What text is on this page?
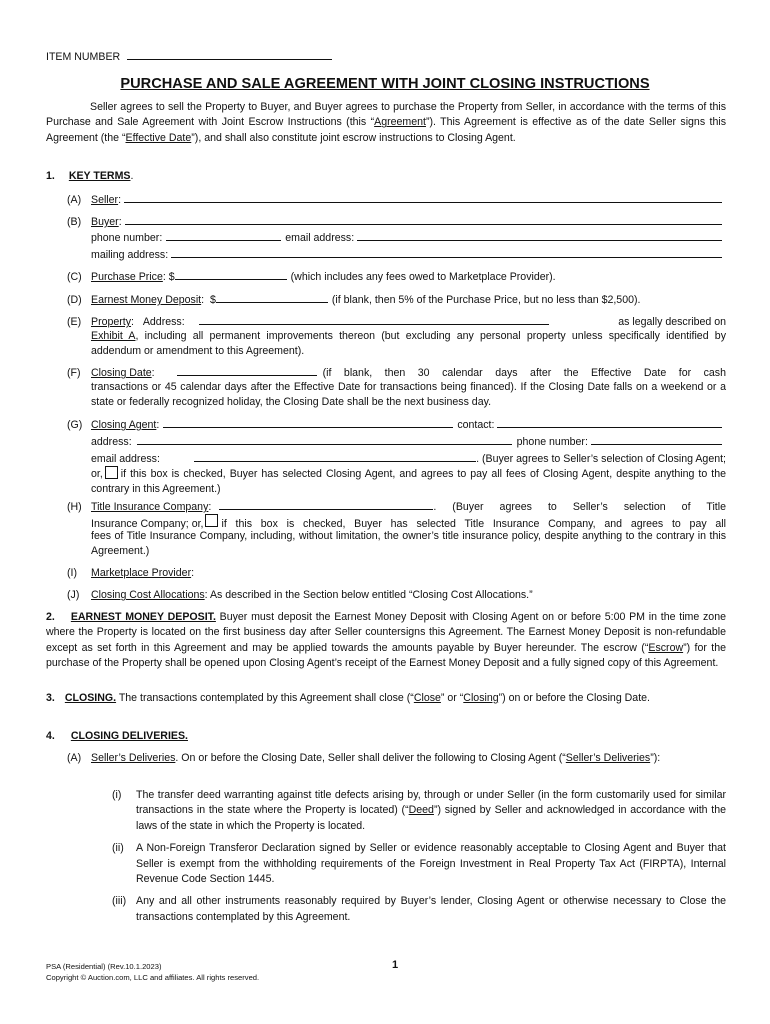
ITEM NUMBER
PURCHASE AND SALE AGREEMENT WITH JOINT CLOSING INSTRUCTIONS
Seller agrees to sell the Property to Buyer, and Buyer agrees to purchase the Property from Seller, in accordance with the terms of this Purchase and Sale Agreement with Joint Escrow Instructions (this “Agreement”). This Agreement is effective as of the date Seller signs this Agreement (the “Effective Date”), and shall also constitute joint escrow instructions to Closing Agent.
1. KEY TERMS.
(A) Seller :
(B) Buyer :
phone number:	email address:
mailing address:
(C) Purchase Price :
$	(which includes any fees owed to Marketplace Provider).
(D) Earnest Money Deposit :
$	(if blank, then 5% of the Purchase Price, but no less than $2,500).
(E) Property :
Address:	as legally described on
Exhibit A, including all permanent improvements thereon (but excluding any personal property unless specifically identified by addendum or amendment to this Agreement).
(F) Closing Date :	(if blank, then 30 calendar days after the Effective Date for cash
transactions or 45 calendar days after the Effective Date for transactions being financed). If the Closing Date falls on a weekend or a state or federally recognized holiday, the Closing Date shall be the next business day.
(G) Closing Agent :	contact:
address:	phone number:
email address:	. (Buyer agrees to Seller’s selection of Closing Agent;
or, if this box is checked, Buyer has selected Closing Agent, and agrees to pay all fees of Closing Agent, despite anything to the contrary in this Agreement.)
(H) Title Insurance Company :	. (Buyer agrees to Seller’s selection of Title
Insurance Company; or, if this box is checked, Buyer has selected Title Insurance Company, and agrees to pay all
fees of Title Insurance Company, including, without limitation, the owner’s title insurance policy, despite anything to the contrary in this Agreement.)
(I) Marketplace Provider:
(J) Closing Cost Allocations: As described in the Section below entitled “Closing Cost Allocations.”
2. EARNEST MONEY DEPOSIT. Buyer must deposit the Earnest Money Deposit with Closing Agent on or before 5:00 PM in the time zone where the Property is located on the first business day after Seller countersigns this Agreement. The Earnest Money Deposit is non-refundable except as set forth in this Agreement and may be applied towards the amounts payable by Buyer hereunder. The escrow (“Escrow”) for the purchase of the Property shall be opened upon Closing Agent’s receipt of the Earnest Money Deposit and a fully signed copy of this Agreement.
3. CLOSING. The transactions contemplated by this Agreement shall close (“Close” or “Closing”) on or before the Closing Date.
4. CLOSING DELIVERIES.
(A) Seller’s Deliveries. On or before the Closing Date, Seller shall deliver the following to Closing Agent (“Seller’s Deliveries”):
(i)	The transfer deed warranting against title defects arising by, through or under Seller (in the form customarily used for similar transactions in the state where the Property is located) (“Deed”) signed by Seller and acknowledged in accordance with the laws of the state in which the Property is located.
(ii)	A Non-Foreign Transferor Declaration signed by Seller or evidence reasonably acceptable to Closing Agent and Buyer that Seller is exempt from the withholding requirements of the Foreign Investment in Real Property Tax Act (FIRPTA), Internal Revenue Code Section 1445.
(iii) Any and all other instruments reasonably required by Buyer’s lender, Closing Agent or otherwise necessary to Close the transactions contemplated by this Agreement.
PSA (Residential) (Rev.10.1.2023)
Copyright © Auction.com, LLC and affiliates. All rights reserved.
1
